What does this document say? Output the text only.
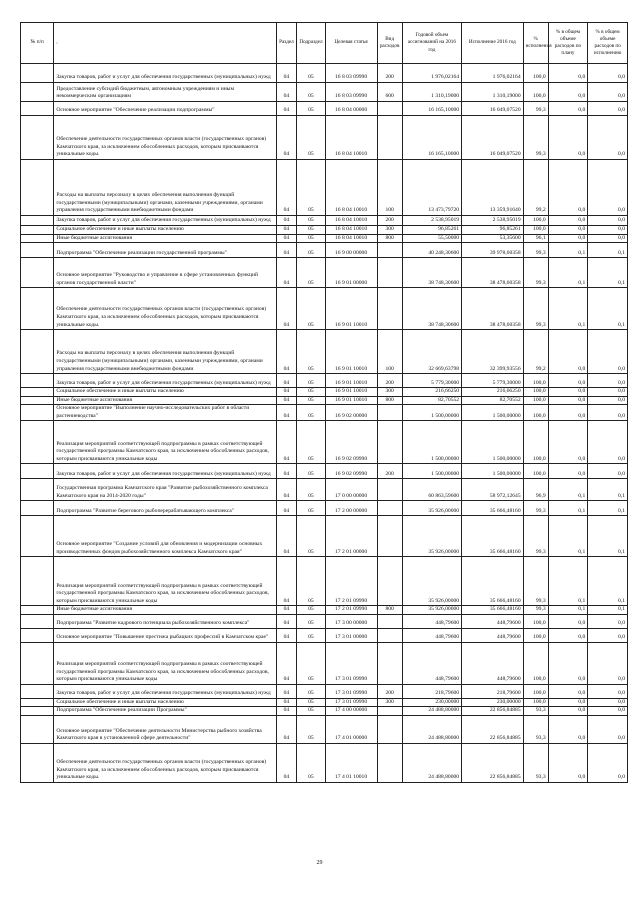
№ п/п	,	Раздел	Подраздел	Целевая статья	Вид расходов	Годовой объем ассигнований на 2016 год	Исполнение 2016 год	% исполнения	% в общем объеме расходов по плану	% в общем объеме расходов по исполнению
	Закупка товаров, работ и услуг для обеспечения государственных (муниципальных) нужд	04	05	16 8 03 09990	200	1 976,02164	1 976,02164	100,0	0,0	0,0
	Предоставление субсидий бюджетным, автономным учреждениям и иным некоммерческим организациям	04	05	16 8 03 09990	600	1 310,19000	1 310,19000	100,0	0,0	0,0
	Основное мероприятие "Обеспечение реализации подпрограммы"	04	05	16 8 04 00000		16 165,10000	16 049,07520	99,3	0,0	0,0
	Обеспечение деятельности государственных органов власти (государственных органов) Камчатского края, за исключением обособленных расходов, которым присваиваются уникальные коды.	04	05	16 8 04 10010		16 165,10000	16 049,07520	99,3	0,0	0,0
	Расходы на выплаты персоналу в целях обеспечения выполнения функций государственными (муниципальными) органами, казенными учреждениями, органами управления государственными внебюджетными фондами	04	05	16 8 04 10010	100	13 473,79720	13 359,91640	99,2	0,0	0,0
	Закупка товаров, работ и услуг для обеспечения государственных (муниципальных) нужд	04	05	16 8 04 10010	200	2 538,95019	2 538,95019	100,0	0,0	0,0
	Социальное обеспечение и иные выплаты населению	04	05	16 8 04 10010	300	96,85261	96,85261	100,0	0,0	0,0
	Иные бюджетные ассигнования	04	05	16 8 04 10010	800	55,50000	53,35600	96,1	0,0	0,0
	Подпрограмма "Обеспечение реализации государственной программы"	04	05	16 9 00 00000		40 248,30600	39 978,60358	99,3	0,1	0,1
	Основное мероприятие "Руководство и управление в сфере установленных функций органов государственной власти"	04	05	16 9 01 00000		38 748,30600	38 478,60358	99,3	0,1	0,1
	Обеспечение деятельности государственных органов власти (государственных органов) Камчатского края, за исключением обособленных расходов, которым присваиваются уникальные коды.	04	05	16 9 01 10010		38 748,30600	38 478,60358	99,3	0,1	0,1
	Расходы на выплаты персоналу в целях обеспечения выполнения функций государственными (муниципальными) органами, казенными учреждениями, органами управления государственными внебюджетными фондами	04	05	16 9 01 10010	100	32 669,63798	32 399,93556	99,2	0,0	0,0
	Закупка товаров, работ и услуг для обеспечения государственных (муниципальных) нужд	04	05	16 9 01 10010	200	5 779,30000	5 779,30000	100,0	0,0	0,0
	Социальное обеспечение и иные выплаты населению	04	05	16 9 01 10010	300	216,66250	216,66250	100,0	0,0	0,0
	Иные бюджетные ассигнования	04	05	16 9 01 10010	800	82,70552	82,70552	100,0	0,0	0,0
	Основное мероприятие "Выполнение научно-исследовательских работ в области растениеводства"	04	05	16 9 02 00000		1 500,00000	1 500,00000	100,0	0,0	0,0
	Реализация мероприятий соответствующей подпрограммы в рамках соответствующей государственной программы Камчатского края, за исключением обособленных расходов, которым присваиваются уникальные коды	04	05	16 9 02 09990		1 500,00000	1 500,00000	100,0	0,0	0,0
	Закупка товаров, работ и услуг для обеспечения государственных (муниципальных) нужд	04	05	16 9 02 09990	200	1 500,00000	1 500,00000	100,0	0,0	0,0
	Государственная программа Камчатского края "Развитие рыбохозяйственного комплекса Камчатского края на 2014-2020 годы"	04	05	17 0 00 00000		60 863,59600	58 972,12645	96,9	0,1	0,1
	Подпрограмма "Развитие берегового рыбоперерабатывающего комплекса"	04	05	17 2 00 00000		35 926,00000	35 666,48160	99,3	0,1	0,1
	Основное мероприятие "Создание условий для обновления и модернизации основных производственных фондов рыбохозяйственного комплекса Камчатского края"	04	05	17 2 01 00000		35 926,00000	35 666,48160	99,3	0,1	0,1
	Реализация мероприятий соответствующей подпрограммы в рамках соответствующей государственной программы Камчатского края, за исключением обособленных расходов, которым присваиваются уникальные коды	04	05	17 2 01 09990		35 926,00000	35 666,48160	99,3	0,1	0,1
	Иные бюджетные ассигнования	04	05	17 2 01 09990	800	35 926,00000	35 666,48160	99,3	0,1	0,1
	Подпрограмма "Развитие кадрового потенциала рыбохозяйственного комплекса"	04	05	17 3 00 00000		448,79600	448,79600	100,0	0,0	0,0
	Основное мероприятие "Повышение престижа рыбацких профессий в Камчатском крае"	04	05	17 3 01 00000		448,79600	448,79600	100,0	0,0	0,0
	Реализация мероприятий соответствующей подпрограммы в рамках соответствующей государственной программы Камчатского края, за исключением обособленных расходов, которым присваиваются уникальные коды	04	05	17 3 01 09990		448,79600	448,79600	100,0	0,0	0,0
	Закупка товаров, работ и услуг для обеспечения государственных (муниципальных) нужд	04	05	17 3 01 09990	200	218,79600	218,79600	100,0	0,0	0,0
	Социальное обеспечение и иные выплаты населению	04	05	17 3 01 09990	300	230,00000	230,00000	100,0	0,0	0,0
	Подпрограмма "Обеспечение реализации Программы"	04	05	17 4 00 00000		24 488,80000	22 856,84885	93,3	0,0	0,0
	Основное мероприятие "Обеспечение деятельности Министерства рыбного хозяйства Камчатского края в установленной сфере деятельности"	04	05	17 4 01 00000		24 488,80000	22 856,84885	93,3	0,0	0,0
	Обеспечение деятельности государственных органов власти (государственных органов) Камчатского края, за исключением обособленных расходов, которым присваиваются уникальные коды.	04	05	17 4 01 10010		24 488,80000	22 856,84885	93,3	0,0	0,0
29
